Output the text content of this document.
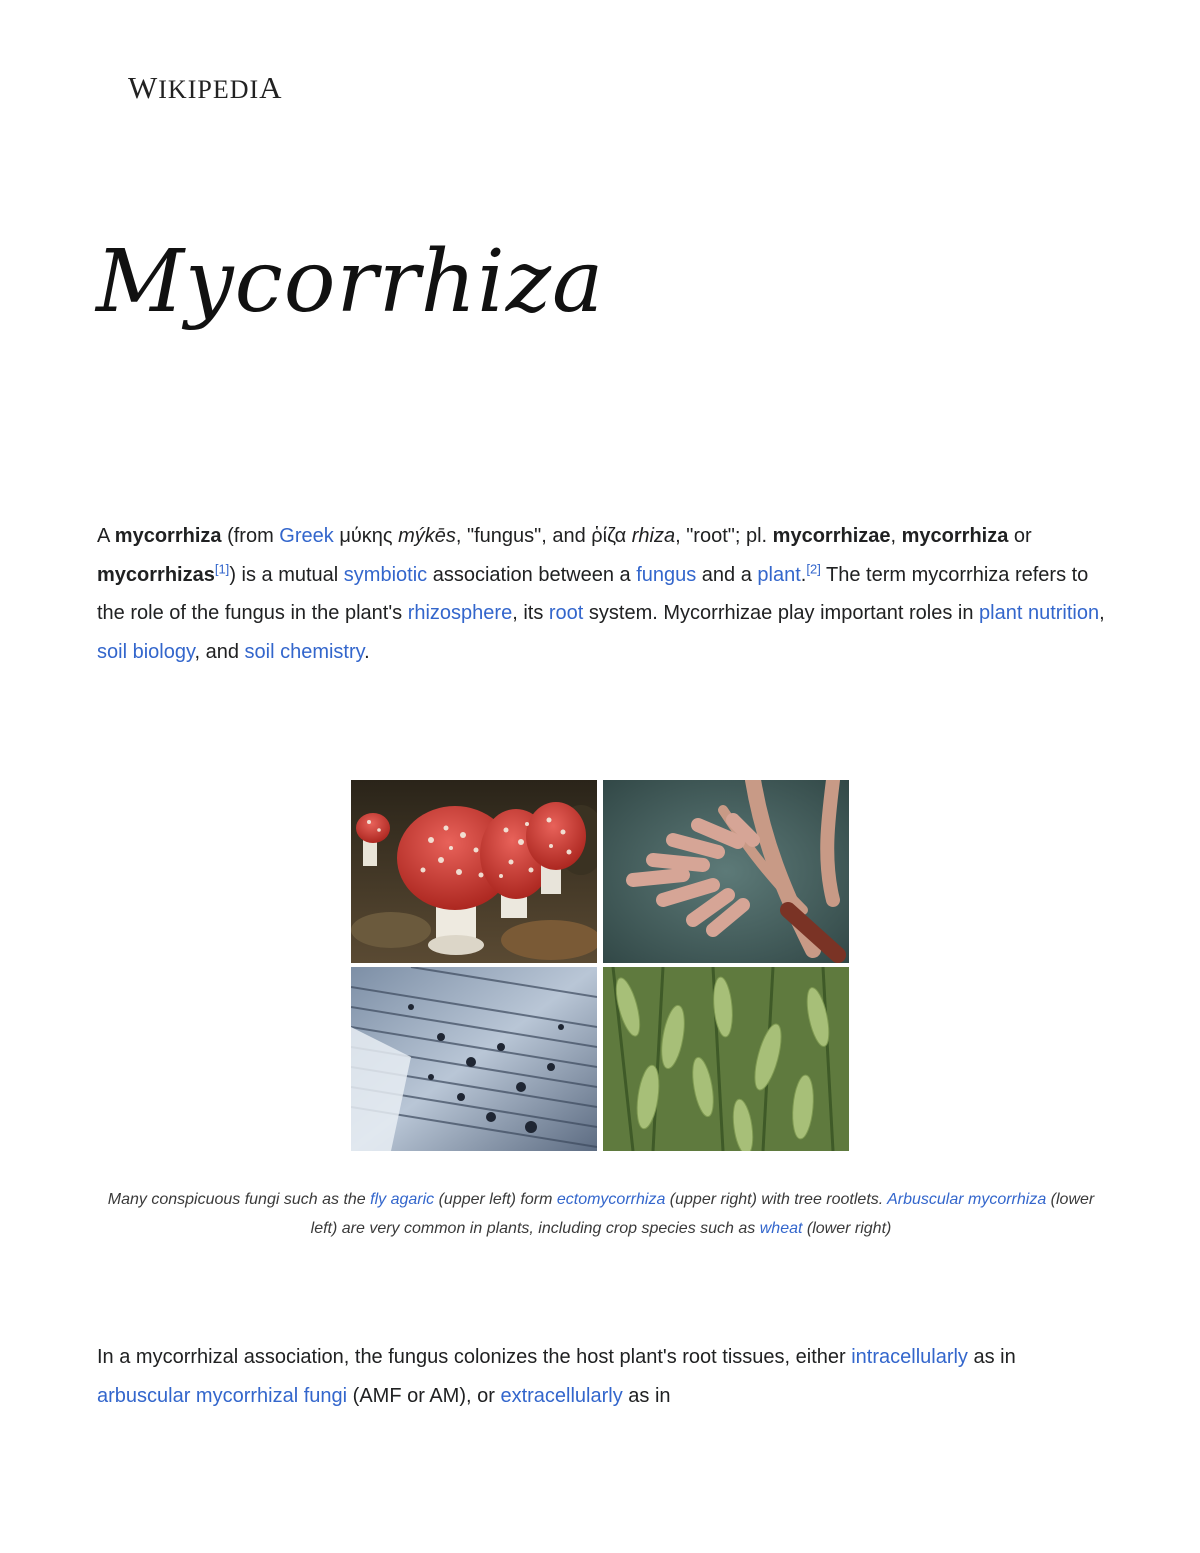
WIKIPEDIA
Mycorrhiza

A mycorrhiza (from Greek μύκης mýkēs, "fungus", and ῥίζα rhiza, "root"; pl. mycorrhizae, mycorrhiza or mycorrhizas[1]) is a mutual symbiotic association between a fungus and a plant.[2] The term mycorrhiza refers to the role of the fungus in the plant's rhizosphere, its root system. Mycorrhizae play important roles in plant nutrition, soil biology, and soil chemistry.

Many conspicuous fungi such as the fly agaric (upper left) form ectomycorrhiza (upper right) with tree rootlets. Arbuscular mycorrhiza (lower left) are very common in plants, including crop species such as wheat (lower right)

In a mycorrhizal association, the fungus colonizes the host plant's root tissues, either intracellularly as in arbuscular mycorrhizal fungi (AMF or AM), or extracellularly as in
